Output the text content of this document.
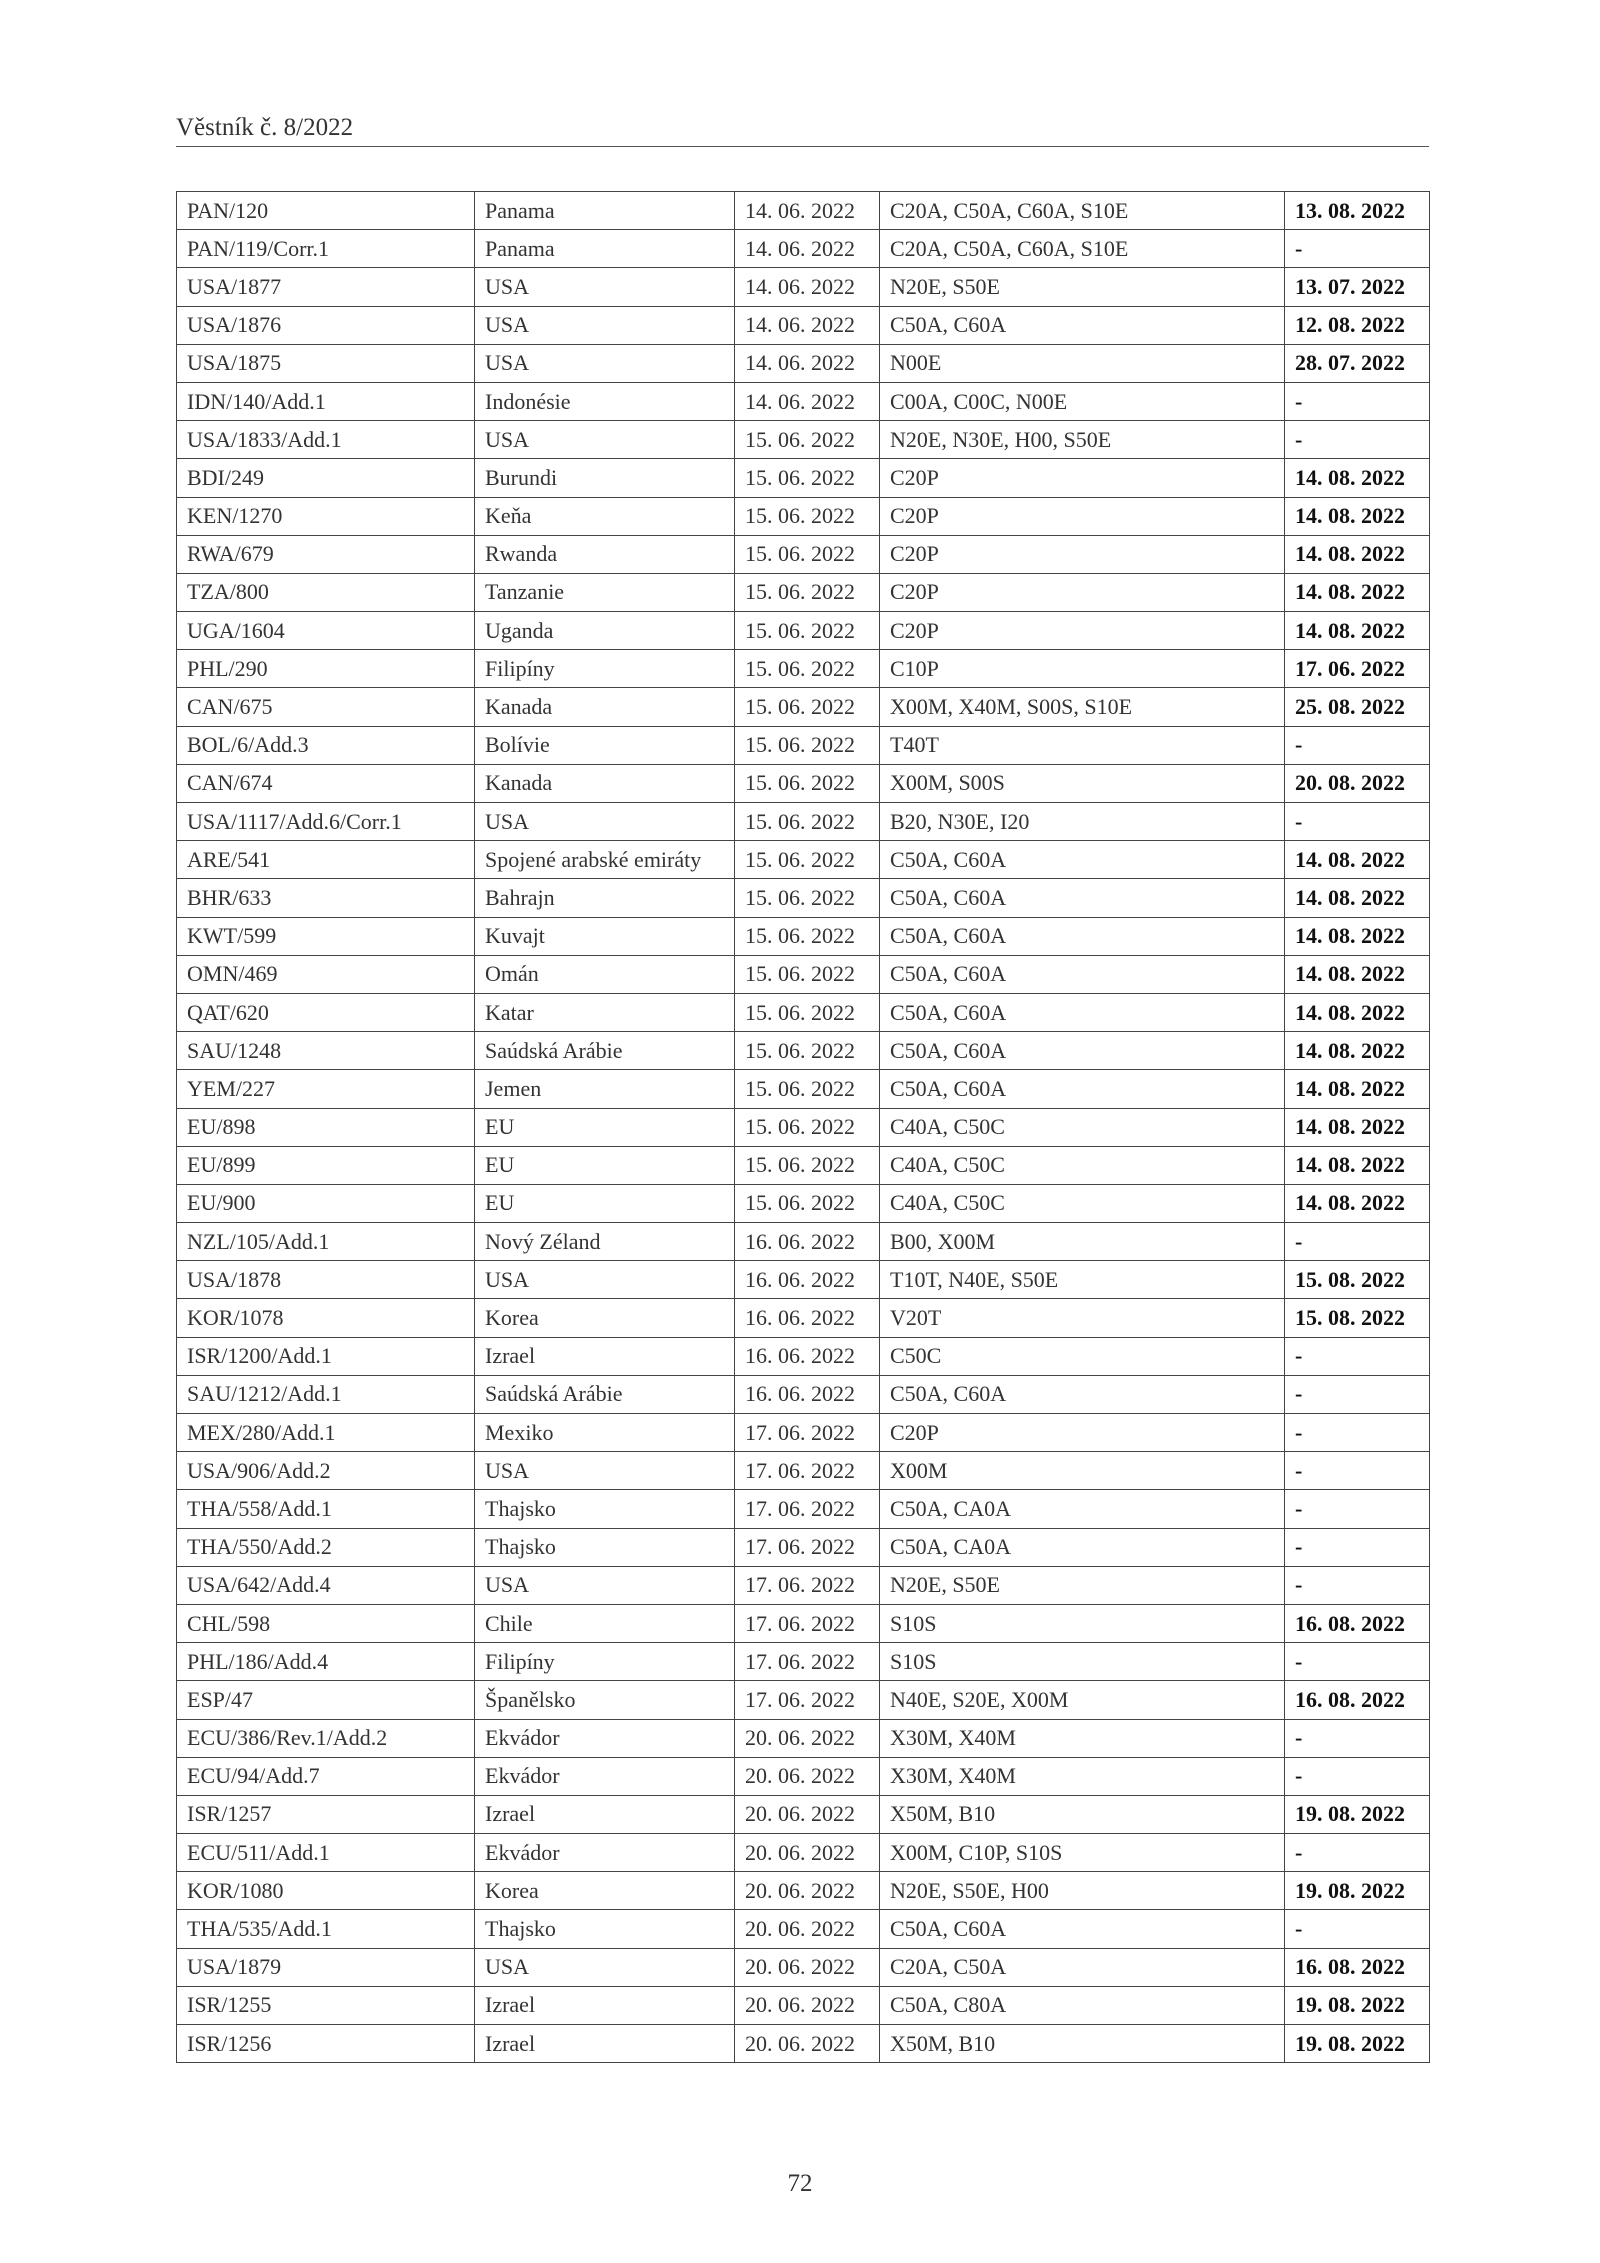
Věstník č. 8/2022
PAN/120	Panama	14. 06. 2022	C20A, C50A, C60A, S10E	13. 08. 2022
PAN/119/Corr.1	Panama	14. 06. 2022	C20A, C50A, C60A, S10E	-
USA/1877	USA	14. 06. 2022	N20E, S50E	13. 07. 2022
USA/1876	USA	14. 06. 2022	C50A, C60A	12. 08. 2022
USA/1875	USA	14. 06. 2022	N00E	28. 07. 2022
IDN/140/Add.1	Indonésie	14. 06. 2022	C00A, C00C, N00E	-
USA/1833/Add.1	USA	15. 06. 2022	N20E, N30E, H00, S50E	-
BDI/249	Burundi	15. 06. 2022	C20P	14. 08. 2022
KEN/1270	Keňa	15. 06. 2022	C20P	14. 08. 2022
RWA/679	Rwanda	15. 06. 2022	C20P	14. 08. 2022
TZA/800	Tanzanie	15. 06. 2022	C20P	14. 08. 2022
UGA/1604	Uganda	15. 06. 2022	C20P	14. 08. 2022
PHL/290	Filipíny	15. 06. 2022	C10P	17. 06. 2022
CAN/675	Kanada	15. 06. 2022	X00M, X40M, S00S, S10E	25. 08. 2022
BOL/6/Add.3	Bolívie	15. 06. 2022	T40T	-
CAN/674	Kanada	15. 06. 2022	X00M, S00S	20. 08. 2022
USA/1117/Add.6/Corr.1	USA	15. 06. 2022	B20, N30E, I20	-
ARE/541	Spojené arabské emiráty	15. 06. 2022	C50A, C60A	14. 08. 2022
BHR/633	Bahrajn	15. 06. 2022	C50A, C60A	14. 08. 2022
KWT/599	Kuvajt	15. 06. 2022	C50A, C60A	14. 08. 2022
OMN/469	Omán	15. 06. 2022	C50A, C60A	14. 08. 2022
QAT/620	Katar	15. 06. 2022	C50A, C60A	14. 08. 2022
SAU/1248	Saúdská Arábie	15. 06. 2022	C50A, C60A	14. 08. 2022
YEM/227	Jemen	15. 06. 2022	C50A, C60A	14. 08. 2022
EU/898	EU	15. 06. 2022	C40A, C50C	14. 08. 2022
EU/899	EU	15. 06. 2022	C40A, C50C	14. 08. 2022
EU/900	EU	15. 06. 2022	C40A, C50C	14. 08. 2022
NZL/105/Add.1	Nový Zéland	16. 06. 2022	B00, X00M	-
USA/1878	USA	16. 06. 2022	T10T, N40E, S50E	15. 08. 2022
KOR/1078	Korea	16. 06. 2022	V20T	15. 08. 2022
ISR/1200/Add.1	Izrael	16. 06. 2022	C50C	-
SAU/1212/Add.1	Saúdská Arábie	16. 06. 2022	C50A, C60A	-
MEX/280/Add.1	Mexiko	17. 06. 2022	C20P	-
USA/906/Add.2	USA	17. 06. 2022	X00M	-
THA/558/Add.1	Thajsko	17. 06. 2022	C50A, CA0A	-
THA/550/Add.2	Thajsko	17. 06. 2022	C50A, CA0A	-
USA/642/Add.4	USA	17. 06. 2022	N20E, S50E	-
CHL/598	Chile	17. 06. 2022	S10S	16. 08. 2022
PHL/186/Add.4	Filipíny	17. 06. 2022	S10S	-
ESP/47	Španělsko	17. 06. 2022	N40E, S20E, X00M	16. 08. 2022
ECU/386/Rev.1/Add.2	Ekvádor	20. 06. 2022	X30M, X40M	-
ECU/94/Add.7	Ekvádor	20. 06. 2022	X30M, X40M	-
ISR/1257	Izrael	20. 06. 2022	X50M, B10	19. 08. 2022
ECU/511/Add.1	Ekvádor	20. 06. 2022	X00M, C10P, S10S	-
KOR/1080	Korea	20. 06. 2022	N20E, S50E, H00	19. 08. 2022
THA/535/Add.1	Thajsko	20. 06. 2022	C50A, C60A	-
USA/1879	USA	20. 06. 2022	C20A, C50A	16. 08. 2022
ISR/1255	Izrael	20. 06. 2022	C50A, C80A	19. 08. 2022
ISR/1256	Izrael	20. 06. 2022	X50M, B10	19. 08. 2022
72
